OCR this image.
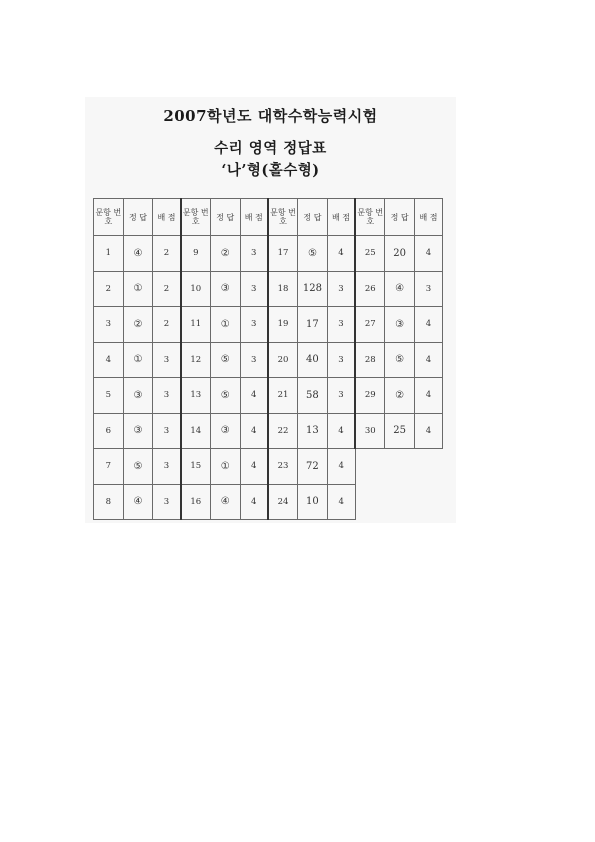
2007학년도 대학수학능력시험
수리 영역 정답표
‘나’형(홀수형)
문항 번호	정 답	배 점	문항 번호	정 답	배 점	문항 번호	정 답	배 점	문항 번호	정 답	배 점
1	④	2	9	②	3	17	⑤	4	25	20	4
2	①	2	10	③	3	18	128	3	26	④	3
3	②	2	11	①	3	19	17	3	27	③	4
4	①	3	12	⑤	3	20	40	3	28	⑤	4
5	③	3	13	⑤	4	21	58	3	29	②	4
6	③	3	14	③	4	22	13	4	30	25	4
7	⑤	3	15	①	4	23	72	4			
8	④	3	16	④	4	24	10	4			
